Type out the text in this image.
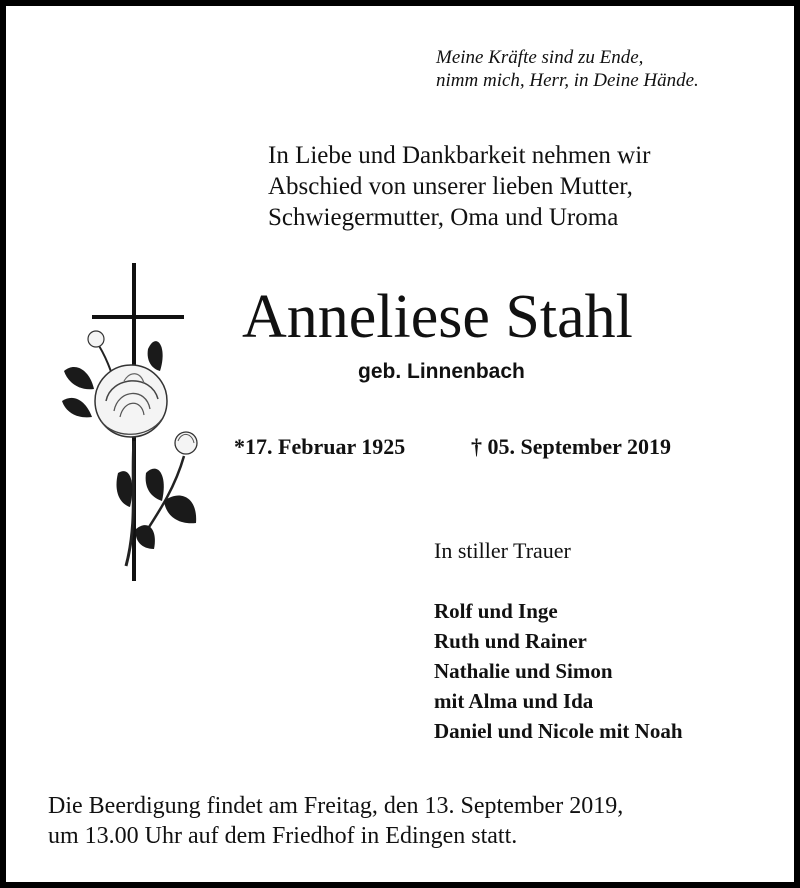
Meine Kräfte sind zu Ende,
nimm mich, Herr, in Deine Hände.
In Liebe und Dankbarkeit nehmen wir
Abschied von unserer lieben Mutter,
Schwiegermutter, Oma und Uroma
Anneliese Stahl
geb. Linnenbach
*17. Februar 1925	† 05. September 2019
In stiller Trauer
Rolf und Inge
Ruth und Rainer
Nathalie und Simon
mit Alma und Ida
Daniel und Nicole mit Noah
Die Beerdigung findet am Freitag, den 13. September 2019,
um 13.00 Uhr auf dem Friedhof in Edingen statt.
